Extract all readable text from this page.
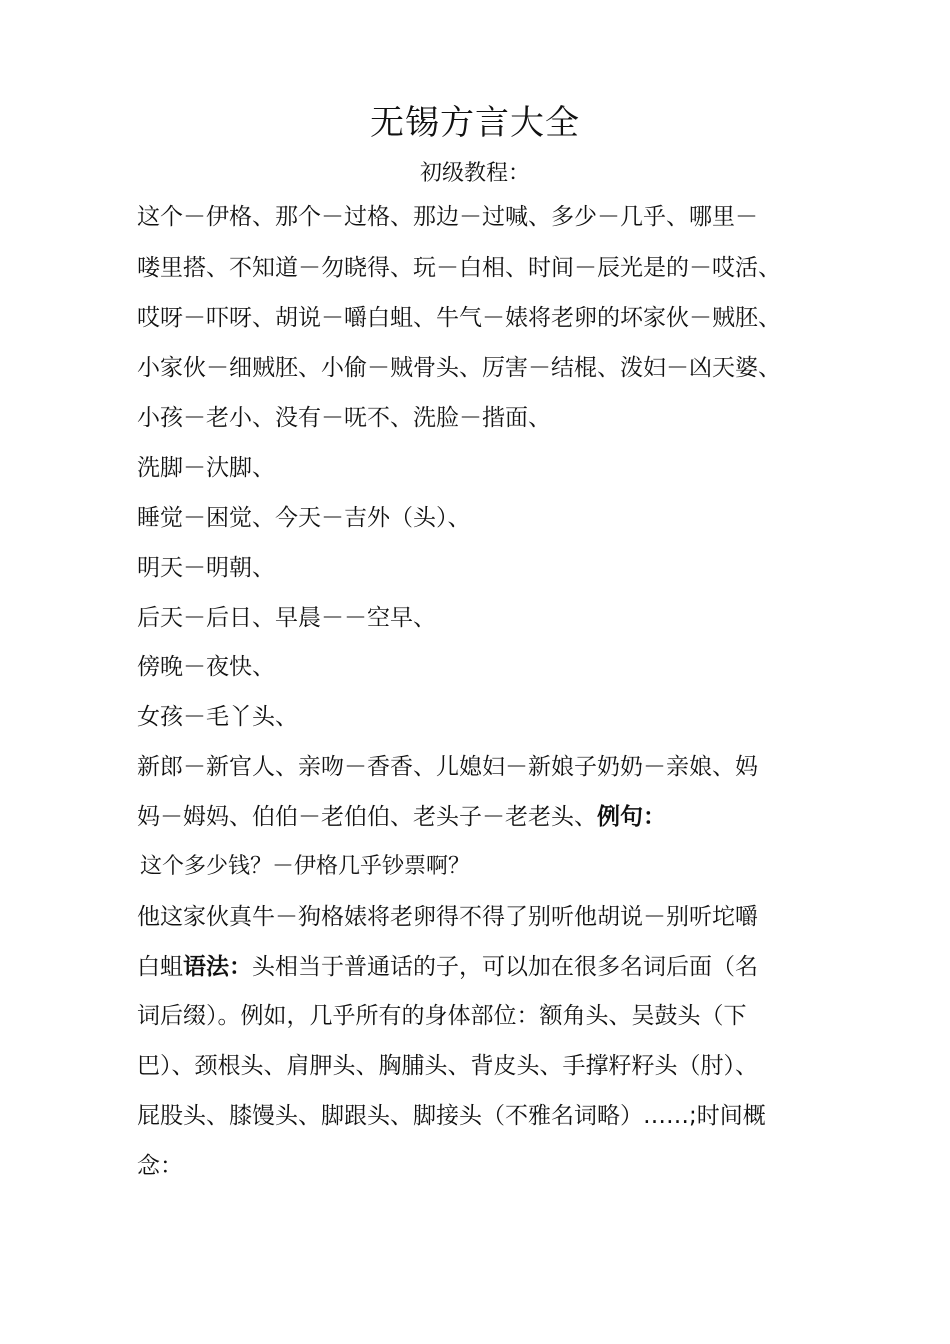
无锡方言大全
初级教程：
这个－伊格、那个－过格、那边－过喊、多少－几乎、哪里－
喽里搭、不知道－勿晓得、玩－白相、时间－辰光是的－哎活、
哎呀－吓呀、胡说－嚼白蛆、牛气－婊将老卵的坏家伙－贼胚、
小家伙－细贼胚、小偷－贼骨头、厉害－结棍、泼妇－凶天婆、
小孩－老小、没有－呒不、洗脸－揩面、
洗脚－汏脚、
睡觉－困觉、今天－吉外（头）、
明天－明朝、
后天－后日、早晨－－空早、
傍晚－夜快、
女孩－毛丫头、
新郎－新官人、亲吻－香香、儿媳妇－新娘子奶奶－亲娘、妈
妈－姆妈、伯伯－老伯伯、老头子－老老头、例句：
这个多少钱？－伊格几乎钞票啊？
他这家伙真牛－狗格婊将老卵得不得了别听他胡说－别听坨嚼
白蛆语法：头相当于普通话的子，可以加在很多名词后面（名
词后缀）。例如，几乎所有的身体部位：额角头、吴鼓头（下
巴）、颈根头、肩胛头、胸脯头、背皮头、手撑籽籽头（肘）、
屁股头、膝馒头、脚跟头、脚接头（不雅名词略）……;时间概
念：
